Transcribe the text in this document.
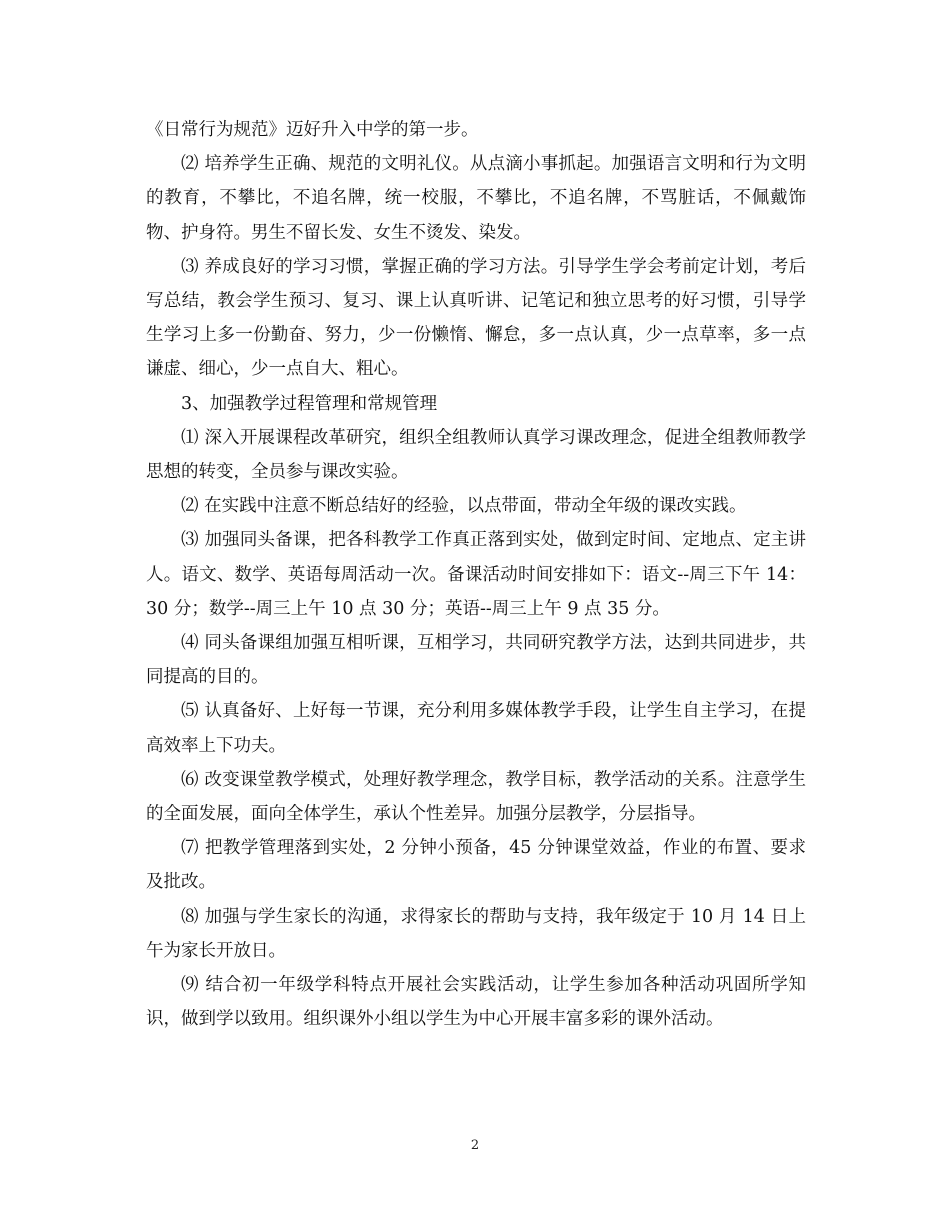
《日常行为规范》迈好升入中学的第一步。

⑵ 培养学生正确、规范的文明礼仪。从点滴小事抓起。加强语言文明和行为文明的教育，不攀比，不追名牌，统一校服，不攀比，不追名牌，不骂脏话，不佩戴饰物、护身符。男生不留长发、女生不烫发、染发。

⑶ 养成良好的学习习惯，掌握正确的学习方法。引导学生学会考前定计划，考后写总结，教会学生预习、复习、课上认真听讲、记笔记和独立思考的好习惯，引导学生学习上多一份勤奋、努力，少一份懒惰、懈怠，多一点认真，少一点草率，多一点谦虚、细心，少一点自大、粗心。

3、加强教学过程管理和常规管理

⑴ 深入开展课程改革研究，组织全组教师认真学习课改理念，促进全组教师教学思想的转变，全员参与课改实验。

⑵ 在实践中注意不断总结好的经验，以点带面，带动全年级的课改实践。

⑶ 加强同头备课，把各科教学工作真正落到实处，做到定时间、定地点、定主讲人。语文、数学、英语每周活动一次。备课活动时间安排如下：语文--周三下午 14：30 分；数学--周三上午 10 点 30 分；英语--周三上午 9 点 35 分。

⑷ 同头备课组加强互相听课，互相学习，共同研究教学方法，达到共同进步，共同提高的目的。

⑸ 认真备好、上好每一节课，充分利用多媒体教学手段，让学生自主学习，在提高效率上下功夫。

⑹ 改变课堂教学模式，处理好教学理念，教学目标，教学活动的关系。注意学生的全面发展，面向全体学生，承认个性差异。加强分层教学，分层指导。

⑺ 把教学管理落到实处，2 分钟小预备，45 分钟课堂效益，作业的布置、要求及批改。

⑻ 加强与学生家长的沟通，求得家长的帮助与支持，我年级定于 10 月 14 日上午为家长开放日。

⑼ 结合初一年级学科特点开展社会实践活动，让学生参加各种活动巩固所学知识，做到学以致用。组织课外小组以学生为中心开展丰富多彩的课外活动。

2
